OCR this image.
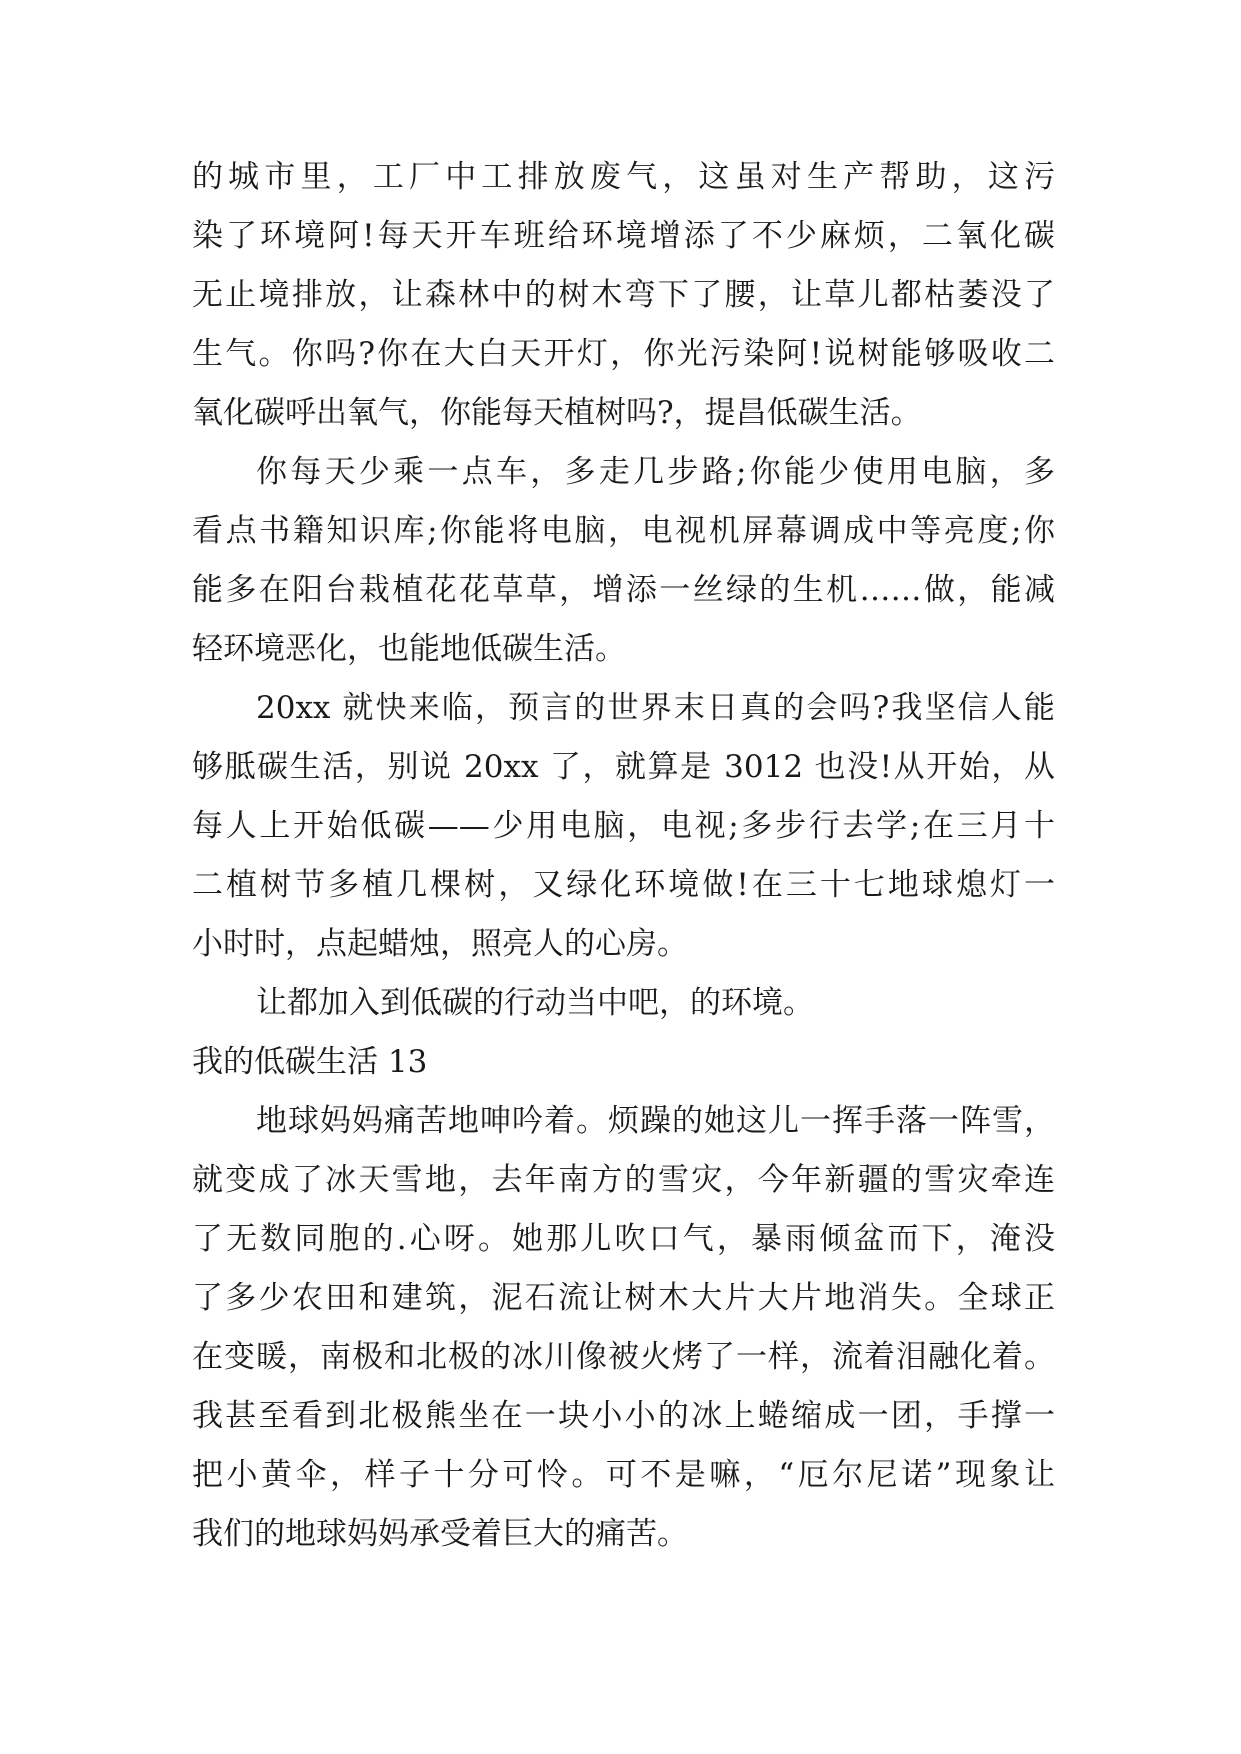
的城市里，工厂中工排放废气，这虽对生产帮助，这污
染了环境阿!每天开车班给环境增添了不少麻烦，二氧化碳
无止境排放，让森林中的树木弯下了腰，让草儿都枯萎没了
生气。你吗?你在大白天开灯，你光污染阿!说树能够吸收二
氧化碳呼出氧气，你能每天植树吗?，提昌低碳生活。
你每天少乘一点车，多走几步路;你能少使用电脑，多
看点书籍知识库;你能将电脑，电视机屏幕调成中等亮度;你
能多在阳台栽植花花草草，增添一丝绿的生机……做，能减
轻环境恶化，也能地低碳生活。
20xx 就快来临，预言的世界末日真的会吗?我坚信人能
够胝碳生活，别说 20xx 了，就算是 3012 也没!从开始，从
每人上开始低碳——少用电脑，电视;多步行去学;在三月十
二植树节多植几棵树，又绿化环境做!在三十七地球熄灯一
小时时，点起蜡烛，照亮人的心房。
让都加入到低碳的行动当中吧，的环境。
我的低碳生活 13
地球妈妈痛苦地呻吟着。烦躁的她这儿一挥手落一阵雪，
就变成了冰天雪地，去年南方的雪灾，今年新疆的雪灾牵连
了无数同胞的.心呀。她那儿吹口气，暴雨倾盆而下，淹没
了多少农田和建筑，泥石流让树木大片大片地消失。全球正
在变暖，南极和北极的冰川像被火烤了一样，流着泪融化着。
我甚至看到北极熊坐在一块小小的冰上蜷缩成一团，手撑一
把小黄伞，样子十分可怜。可不是嘛，“厄尔尼诺”现象让
我们的地球妈妈承受着巨大的痛苦。
